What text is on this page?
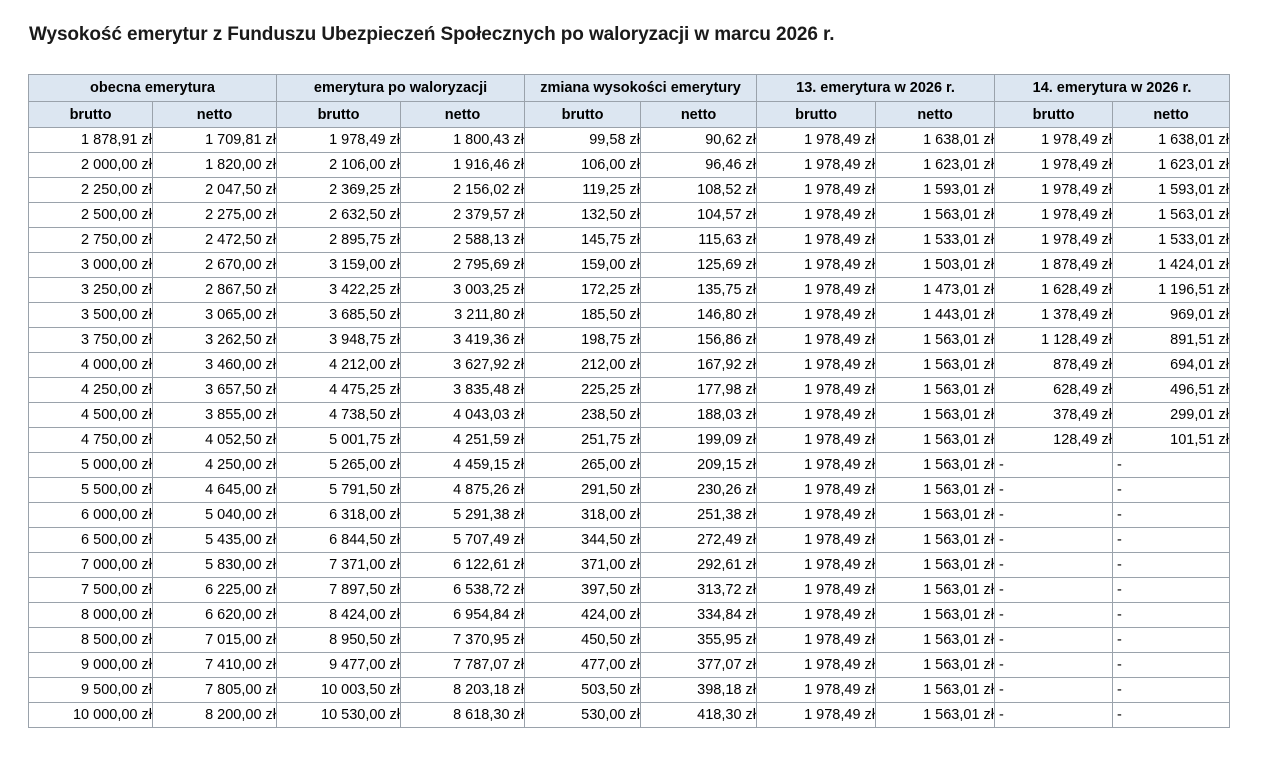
Wysokość emerytur z Funduszu Ubezpieczeń Społecznych po waloryzacji w marcu 2026 r.
obecna emerytura		emerytura po waloryzacji		zmiana wysokości emerytury		13. emerytura w 2026 r.		14. emerytura w 2026 r.	
brutto	netto	brutto	netto	brutto	netto	brutto	netto	brutto	netto
1 878,91 zł	1 709,81 zł	1 978,49 zł	1 800,43 zł	99,58 zł	90,62 zł	1 978,49 zł	1 638,01 zł	1 978,49 zł	1 638,01 zł
2 000,00 zł	1 820,00 zł	2 106,00 zł	1 916,46 zł	106,00 zł	96,46 zł	1 978,49 zł	1 623,01 zł	1 978,49 zł	1 623,01 zł
2 250,00 zł	2 047,50 zł	2 369,25 zł	2 156,02 zł	119,25 zł	108,52 zł	1 978,49 zł	1 593,01 zł	1 978,49 zł	1 593,01 zł
2 500,00 zł	2 275,00 zł	2 632,50 zł	2 379,57 zł	132,50 zł	104,57 zł	1 978,49 zł	1 563,01 zł	1 978,49 zł	1 563,01 zł
2 750,00 zł	2 472,50 zł	2 895,75 zł	2 588,13 zł	145,75 zł	115,63 zł	1 978,49 zł	1 533,01 zł	1 978,49 zł	1 533,01 zł
3 000,00 zł	2 670,00 zł	3 159,00 zł	2 795,69 zł	159,00 zł	125,69 zł	1 978,49 zł	1 503,01 zł	1 878,49 zł	1 424,01 zł
3 250,00 zł	2 867,50 zł	3 422,25 zł	3 003,25 zł	172,25 zł	135,75 zł	1 978,49 zł	1 473,01 zł	1 628,49 zł	1 196,51 zł
3 500,00 zł	3 065,00 zł	3 685,50 zł	3 211,80 zł	185,50 zł	146,80 zł	1 978,49 zł	1 443,01 zł	1 378,49 zł	969,01 zł
3 750,00 zł	3 262,50 zł	3 948,75 zł	3 419,36 zł	198,75 zł	156,86 zł	1 978,49 zł	1 563,01 zł	1 128,49 zł	891,51 zł
4 000,00 zł	3 460,00 zł	4 212,00 zł	3 627,92 zł	212,00 zł	167,92 zł	1 978,49 zł	1 563,01 zł	878,49 zł	694,01 zł
4 250,00 zł	3 657,50 zł	4 475,25 zł	3 835,48 zł	225,25 zł	177,98 zł	1 978,49 zł	1 563,01 zł	628,49 zł	496,51 zł
4 500,00 zł	3 855,00 zł	4 738,50 zł	4 043,03 zł	238,50 zł	188,03 zł	1 978,49 zł	1 563,01 zł	378,49 zł	299,01 zł
4 750,00 zł	4 052,50 zł	5 001,75 zł	4 251,59 zł	251,75 zł	199,09 zł	1 978,49 zł	1 563,01 zł	128,49 zł	101,51 zł
5 000,00 zł	4 250,00 zł	5 265,00 zł	4 459,15 zł	265,00 zł	209,15 zł	1 978,49 zł	1 563,01 zł	-	-
5 500,00 zł	4 645,00 zł	5 791,50 zł	4 875,26 zł	291,50 zł	230,26 zł	1 978,49 zł	1 563,01 zł	-	-
6 000,00 zł	5 040,00 zł	6 318,00 zł	5 291,38 zł	318,00 zł	251,38 zł	1 978,49 zł	1 563,01 zł	-	-
6 500,00 zł	5 435,00 zł	6 844,50 zł	5 707,49 zł	344,50 zł	272,49 zł	1 978,49 zł	1 563,01 zł	-	-
7 000,00 zł	5 830,00 zł	7 371,00 zł	6 122,61 zł	371,00 zł	292,61 zł	1 978,49 zł	1 563,01 zł	-	-
7 500,00 zł	6 225,00 zł	7 897,50 zł	6 538,72 zł	397,50 zł	313,72 zł	1 978,49 zł	1 563,01 zł	-	-
8 000,00 zł	6 620,00 zł	8 424,00 zł	6 954,84 zł	424,00 zł	334,84 zł	1 978,49 zł	1 563,01 zł	-	-
8 500,00 zł	7 015,00 zł	8 950,50 zł	7 370,95 zł	450,50 zł	355,95 zł	1 978,49 zł	1 563,01 zł	-	-
9 000,00 zł	7 410,00 zł	9 477,00 zł	7 787,07 zł	477,00 zł	377,07 zł	1 978,49 zł	1 563,01 zł	-	-
9 500,00 zł	7 805,00 zł	10 003,50 zł	8 203,18 zł	503,50 zł	398,18 zł	1 978,49 zł	1 563,01 zł	-	-
10 000,00 zł	8 200,00 zł	10 530,00 zł	8 618,30 zł	530,00 zł	418,30 zł	1 978,49 zł	1 563,01 zł	-	-
